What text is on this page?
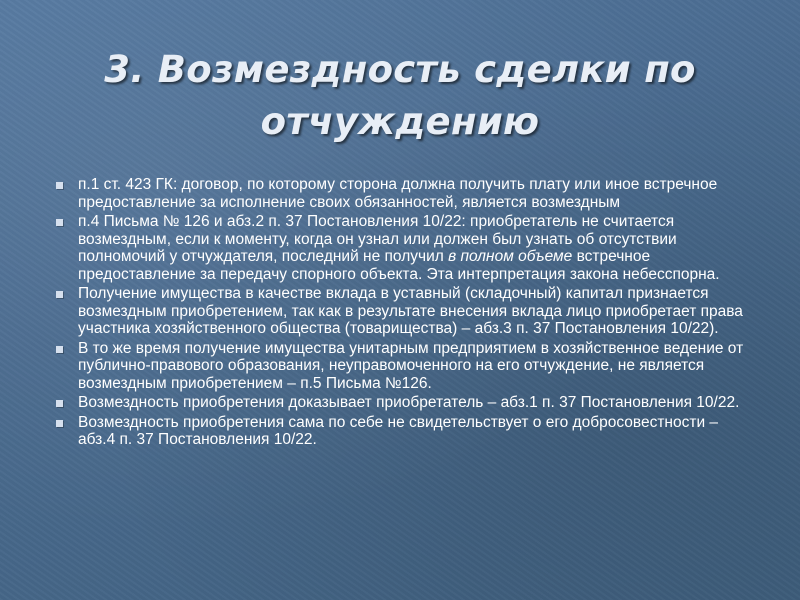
3. Возмездность сделки по отчуждению
п.1 ст. 423 ГК: договор, по которому сторона должна получить плату или иное встречное предоставление за исполнение своих обязанностей, является возмездным
п.4 Письма № 126 и абз.2 п. 37 Постановления 10/22: приобретатель не считается возмездным, если к моменту, когда он узнал или должен был узнать об отсутствии полномочий у отчуждателя, последний не получил в полном объеме встречное предоставление за передачу спорного объекта. Эта интерпретация закона небесспорна.
Получение имущества в качестве вклада в уставный (складочный) капитал признается возмездным приобретением, так как в результате внесения вклада лицо приобретает права участника хозяйственного общества (товарищества) – абз.3 п. 37 Постановления 10/22).
В то же время получение имущества унитарным предприятием в хозяйственное ведение от публично-правового образования, неуправомоченного на его отчуждение, не является возмездным приобретением – п.5 Письма №126.
Возмездность приобретения доказывает приобретатель – абз.1 п. 37 Постановления 10/22.
Возмездность приобретения сама по себе не свидетельствует о его добросовестности – абз.4 п. 37 Постановления 10/22.
